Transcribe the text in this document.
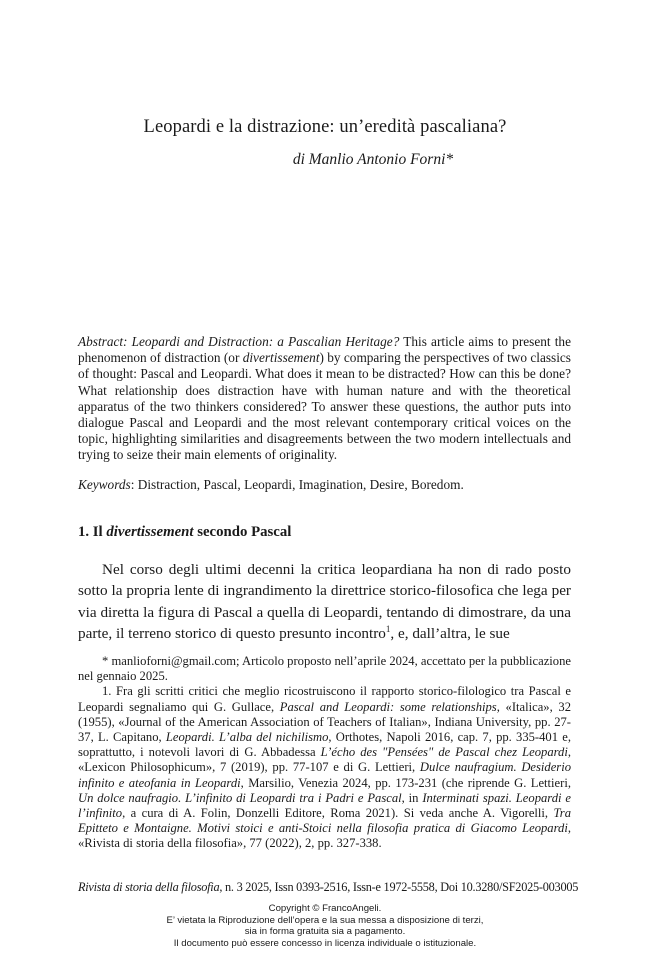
Leopardi e la distrazione: un’eredità pascaliana?
di Manlio Antonio Forni*
Abstract: Leopardi and Distraction: a Pascalian Heritage? This article aims to present the phenomenon of distraction (or divertissement) by comparing the perspectives of two classics of thought: Pascal and Leopardi. What does it mean to be distracted? How can this be done? What relationship does distraction have with human nature and with the theoretical apparatus of the two thinkers considered? To answer these questions, the author puts into dialogue Pascal and Leopardi and the most relevant contemporary critical voices on the topic, highlighting similarities and disagreements between the two modern intellectuals and trying to seize their main elements of originality.
Keywords: Distraction, Pascal, Leopardi, Imagination, Desire, Boredom.
1. Il divertissement secondo Pascal
Nel corso degli ultimi decenni la critica leopardiana ha non di rado posto sotto la propria lente di ingrandimento la direttrice storico-filosofica che lega per via diretta la figura di Pascal a quella di Leopardi, tentando di dimostrare, da una parte, il terreno storico di questo presunto incontro$^1$, e, dall’altra, le sue

* manlioforni@gmail.com; Articolo proposto nell’aprile 2024, accettato per la pubblicazione nel gennaio 2025.

1. Fra gli scritti critici che meglio ricostruiscono il rapporto storico-filologico tra Pascal e Leopardi segnaliamo qui G. Gullace, Pascal and Leopardi: some relationships, «Italica», 32 (1955), «Journal of the American Association of Teachers of Italian», Indiana University, pp. 27-37, L. Capitano, Leopardi. L’alba del nichilismo, Orthotes, Napoli 2016, cap. 7, pp. 335-401 e, soprattutto, i notevoli lavori di G. Abbadessa L’écho des "Pensées" de Pascal chez Leopardi, «Lexicon Philosophicum», 7 (2019), pp. 77-107 e di G. Lettieri, Dulce naufragium. Desiderio infinito e ateofania in Leopardi, Marsilio, Venezia 2024, pp. 173-231 (che riprende G. Lettieri, Un dolce naufragio. L’infinito di Leopardi tra i Padri e Pascal, in Interminati spazi. Leopardi e l’infinito, a cura di A. Folin, Donzelli Editore, Roma 2021). Si veda anche A. Vigorelli, Tra Epitteto e Montaigne. Motivi stoici e anti-Stoici nella filosofia pratica di Giacomo Leopardi, «Rivista di storia della filosofia», 77 (2022), 2, pp. 327-338.

Rivista di storia della filosofia, n. 3 2025, Issn 0393-2516, Issn-e 1972-5558, Doi 10.3280/SF2025-003005
Copyright © FrancoAngeli.
E’ vietata la Riproduzione dell’opera e la sua messa a disposizione di terzi,
sia in forma gratuita sia a pagamento.
Il documento può essere concesso in licenza individuale o istituzionale.
